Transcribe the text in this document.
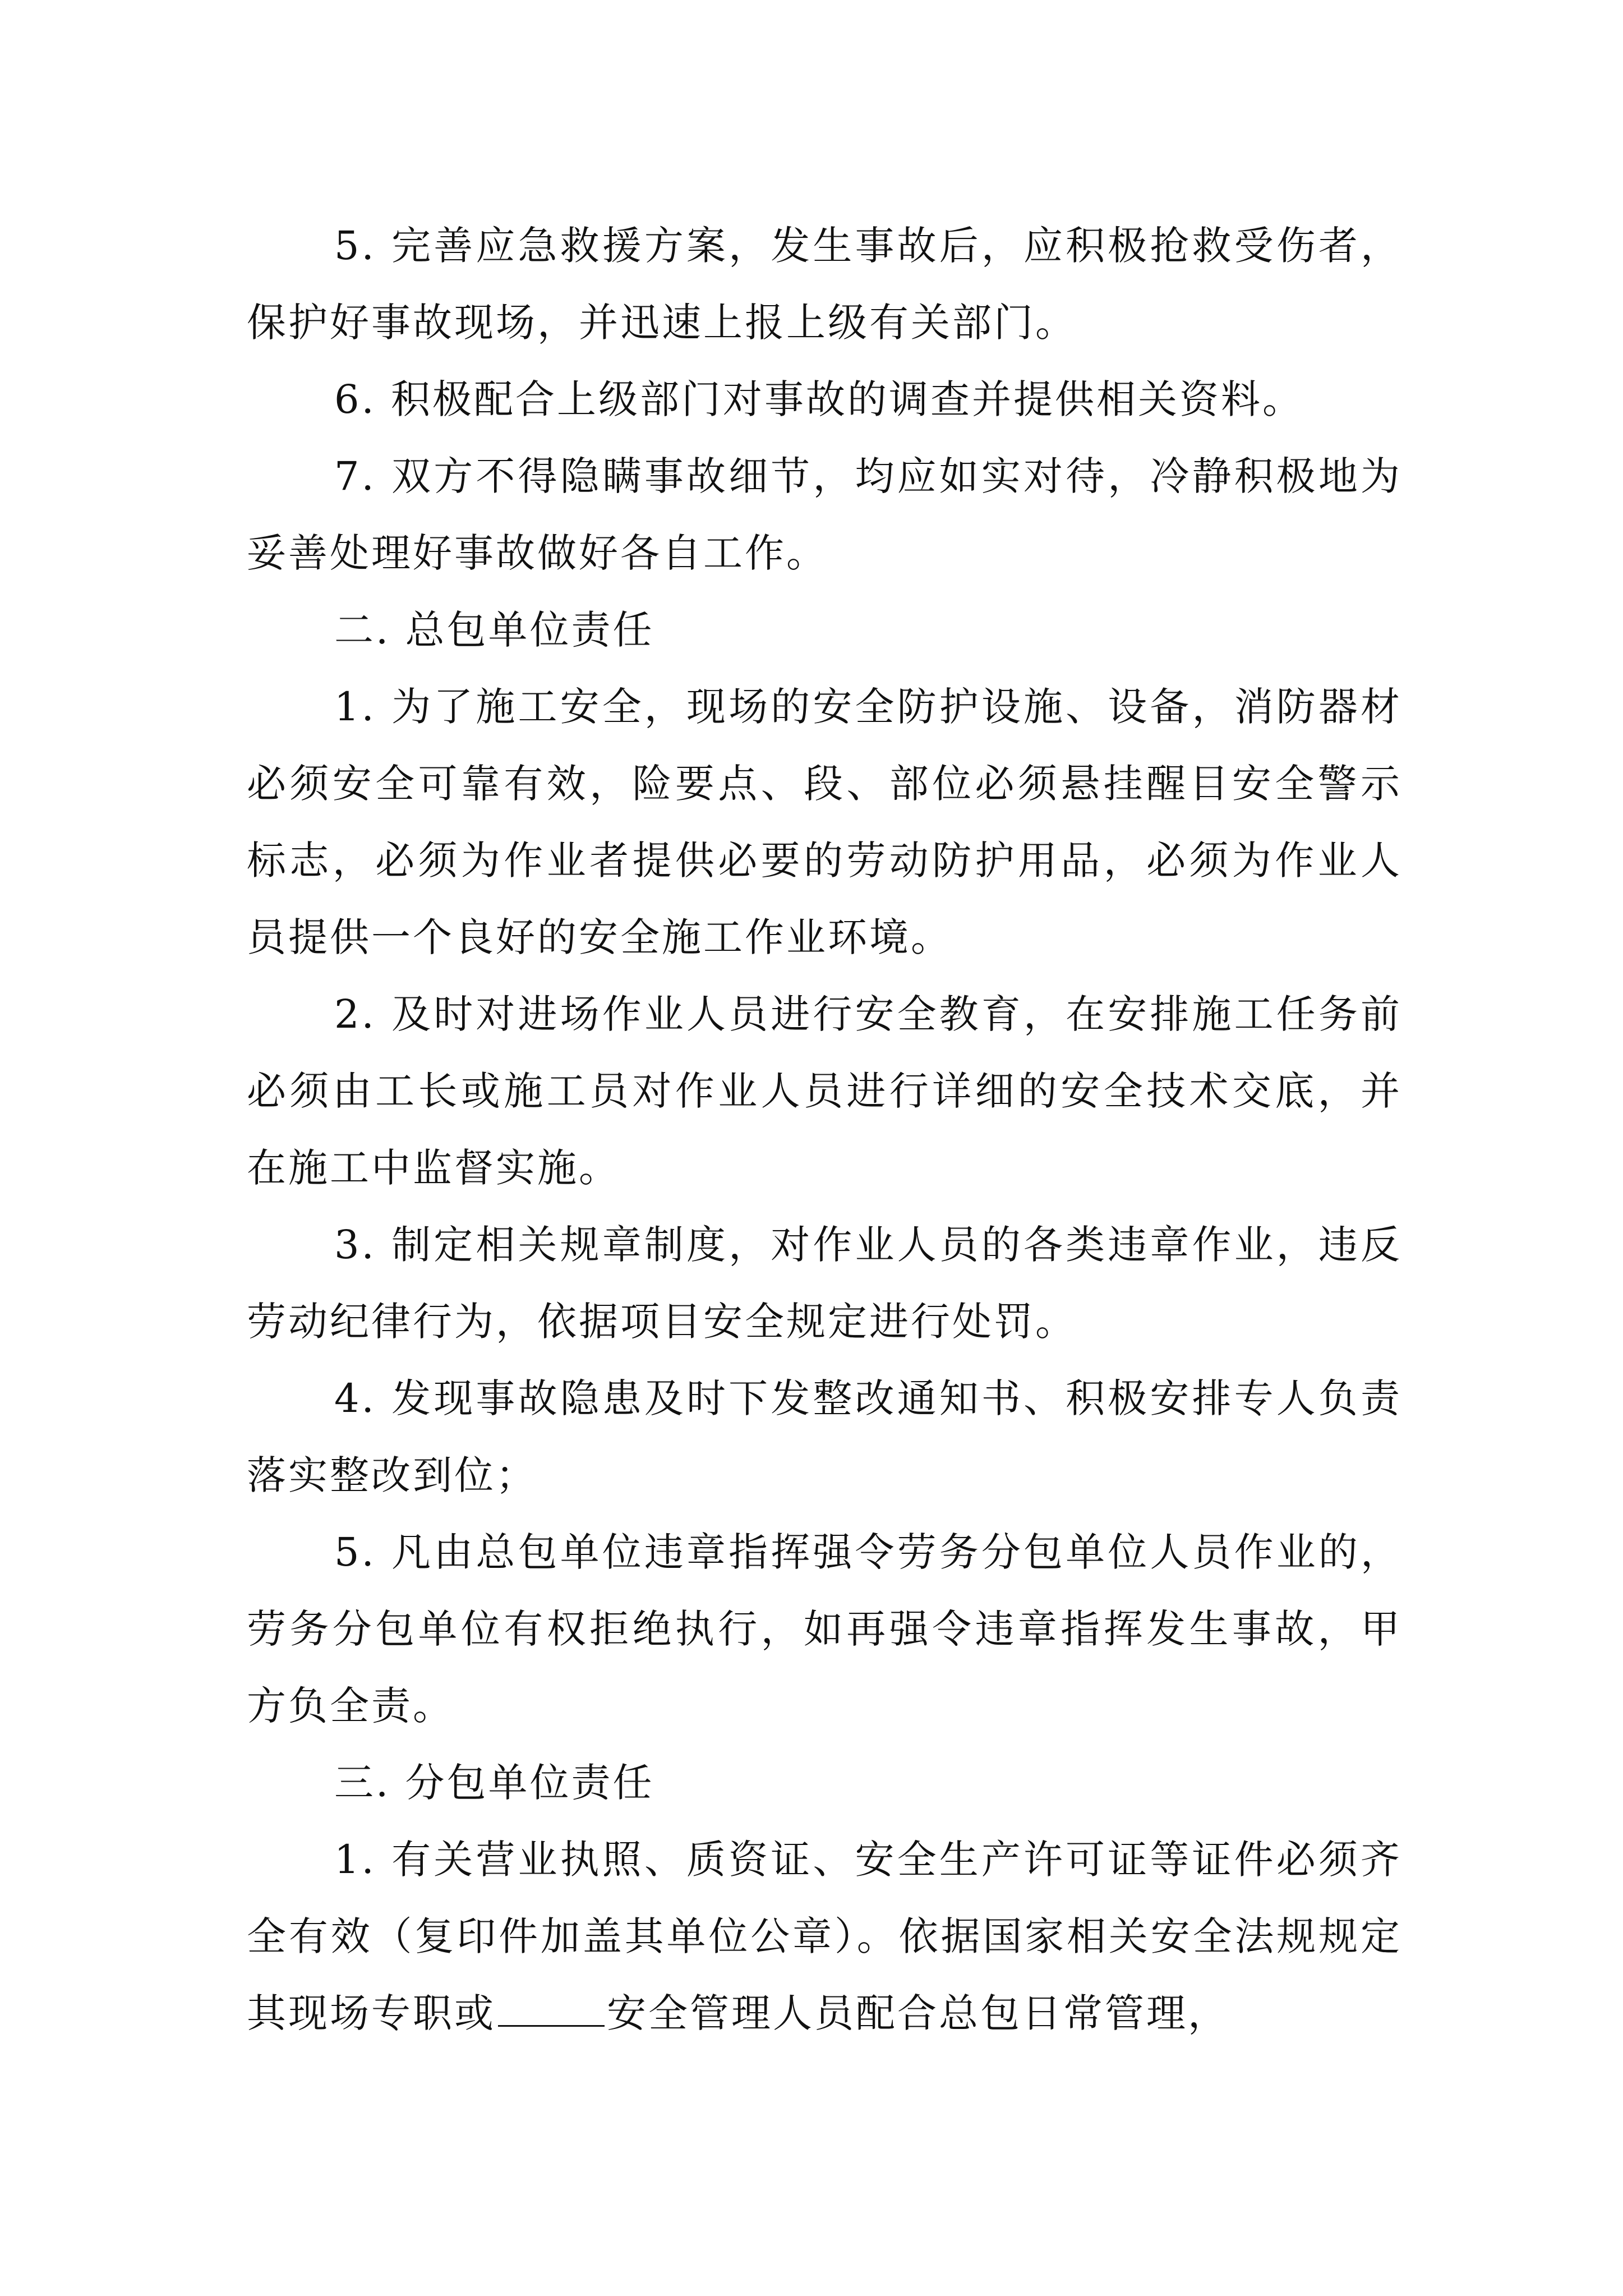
5. 完善应急救援方案，发生事故后，应积极抢救受伤者，保护好事故现场，并迅速上报上级有关部门。

6. 积极配合上级部门对事故的调查并提供相关资料。

7. 双方不得隐瞒事故细节，均应如实对待，冷静积极地为妥善处理好事故做好各自工作。

二. 总包单位责任

1. 为了施工安全，现场的安全防护设施、设备，消防器材必须安全可靠有效，险要点、段、部位必须悬挂醒目安全警示标志，必须为作业者提供必要的劳动防护用品，必须为作业人员提供一个良好的安全施工作业环境。

2. 及时对进场作业人员进行安全教育，在安排施工任务前必须由工长或施工员对作业人员进行详细的安全技术交底，并在施工中监督实施。

3. 制定相关规章制度，对作业人员的各类违章作业，违反劳动纪律行为，依据项目安全规定进行处罚。

4. 发现事故隐患及时下发整改通知书、积极安排专人负责落实整改到位；

5. 凡由总包单位违章指挥强令劳务分包单位人员作业的，劳务分包单位有权拒绝执行，如再强令违章指挥发生事故，甲方负全责。

三. 分包单位责任

1. 有关营业执照、质资证、安全生产许可证等证件必须齐全有效（复印件加盖其单位公章）。依据国家相关安全法规规定其现场专职或	安全管理人员配合总包日常管理，
